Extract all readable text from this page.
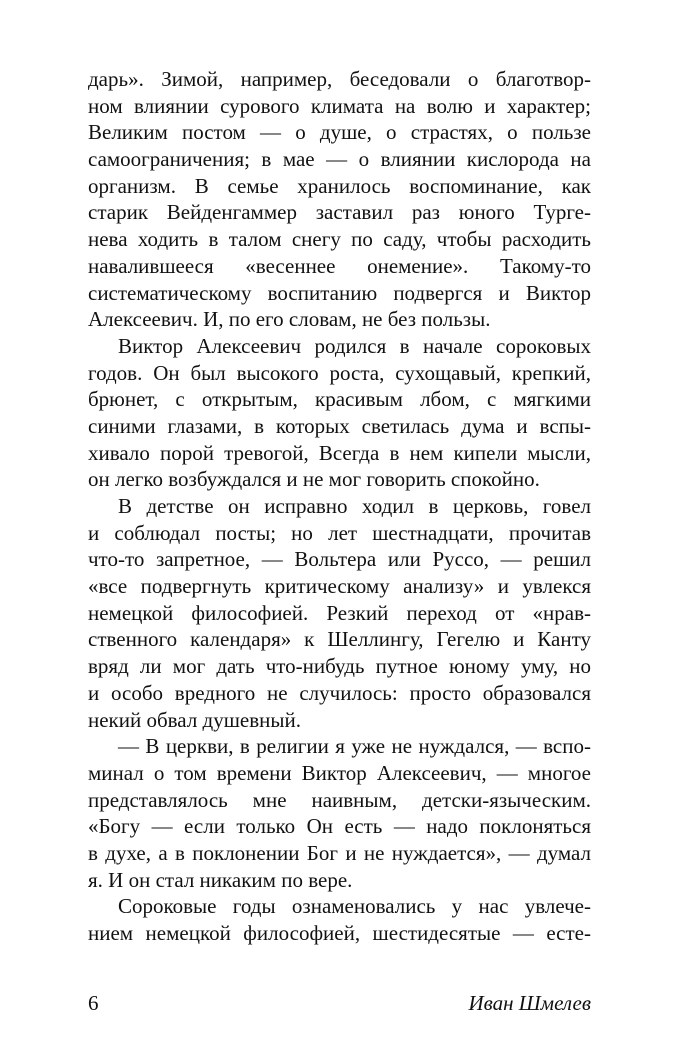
дарь». Зимой, например, беседовали о благотвор-
ном влиянии сурового климата на волю и характер;
Великим постом — о душе, о страстях, о пользе
самоограничения; в мае — о влиянии кислорода на
организм. В семье хранилось воспоминание, как
старик Вейденгаммер заставил раз юного Турге-
нева ходить в талом снегу по саду, чтобы расходить
навалившееся «весеннее онемение». Такому-то
систематическому воспитанию подвергся и Виктор
Алексеевич. И, по его словам, не без пользы.
Виктор Алексеевич родился в начале сороковых
годов. Он был высокого роста, сухощавый, крепкий,
брюнет, с открытым, красивым лбом, с мягкими
синими глазами, в которых светилась дума и вспы-
хивало порой тревогой, Всегда в нем кипели мысли,
он легко возбуждался и не мог говорить спокойно.
В детстве он исправно ходил в церковь, говел
и соблюдал посты; но лет шестнадцати, прочитав
что-то запретное, — Вольтера или Руссо, — решил
«все подвергнуть критическому анализу» и увлекся
немецкой философией. Резкий переход от «нрав-
ственного календаря» к Шеллингу, Гегелю и Канту
вряд ли мог дать что-нибудь путное юному уму, но
и особо вредного не случилось: просто образовался
некий обвал душевный.
— В церкви, в религии я уже не нуждался, — вспо-
минал о том времени Виктор Алексеевич, — многое
представлялось мне наивным, детски-языческим.
«Богу — если только Он есть — надо поклоняться
в духе, а в поклонении Бог и не нуждается», — думал
я. И он стал никаким по вере.
Сороковые годы ознаменовались у нас увлече-
нием немецкой философией, шестидесятые — есте-
6	Иван Шмелев
